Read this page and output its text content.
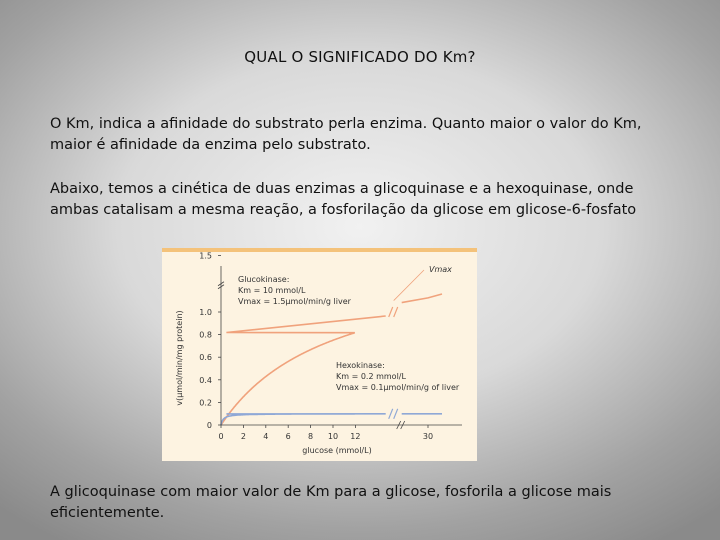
QUAL O SIGNIFICADO DO Km?
O Km, indica a afinidade do substrato perla enzima. Quanto maior o valor do Km, maior é afinidade da enzima pelo substrato.
Abaixo, temos a cinética de duas enzimas a glicoquinase e a hexoquinase, onde ambas catalisam a mesma reação, a fosforilação da glicose em glicose-6-fosfato
0
0.2
0.4
0.6
0.8
1.0
1.5
0 2 4 6 8 10 12	30
v(μmol/min/mg protein)
glucose (mmol/L)
Vmax
Glucokinase:
Km = 10 mmol/L
Vmax = 1.5μmol/min/g liver
Hexokinase:
Km = 0.2 mmol/L
Vmax = 0.1μmol/min/g of liver
A glicoquinase com maior valor de Km para a glicose, fosforila a glicose mais eficientemente.
